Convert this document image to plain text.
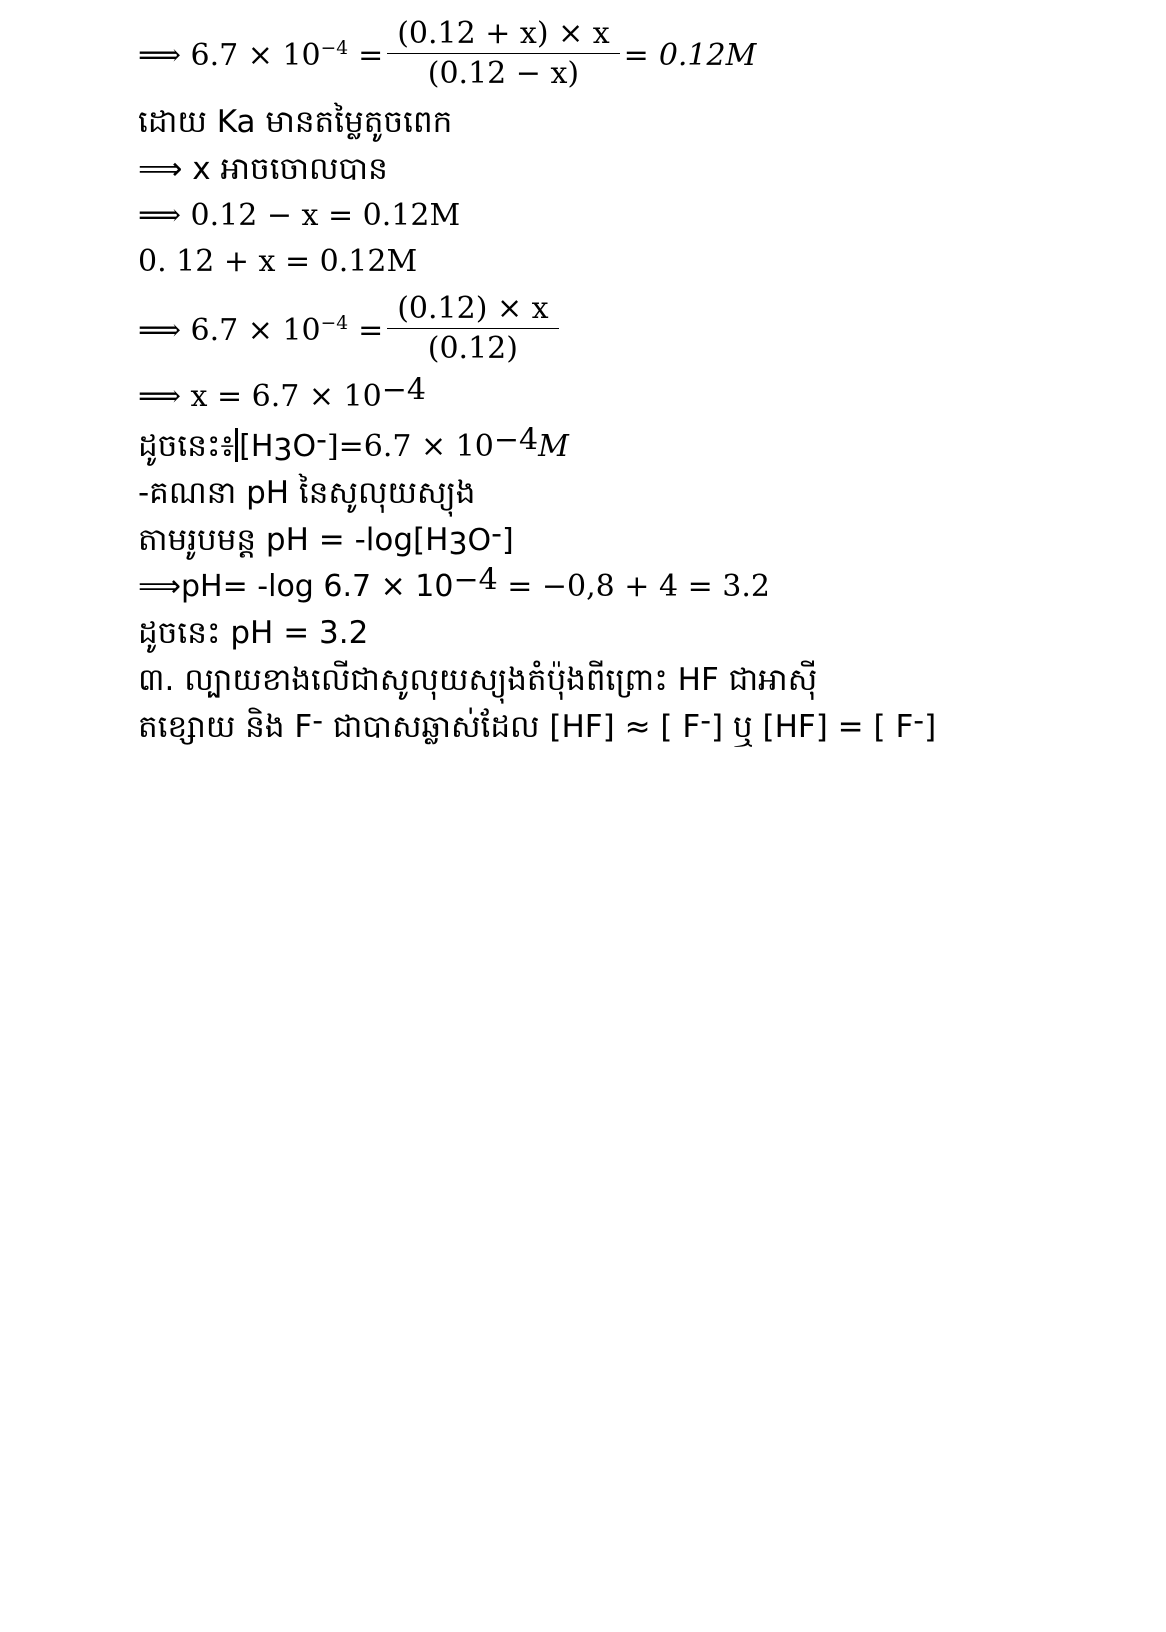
⟹ $6.7 \times 10^{-4} = \frac{(0.12 + x) \times x}{(0.12 - x)} = 0.12M$
ដោយ Ka មានតម្លៃតូចពេក
⟹ x អាចចោលបាន
⟹ 0.12 − x = 0.12M
0. 12 + x = 0.12M
⟹ $6.7 \times 10^{-4} = \frac{(0.12) \times x}{(0.12)}$
⟹ $x = 6.7 \times 10^{-4}$
ដូចនេះ៖ $[H_3O^-]=6.7 \times 10^{-4}M$
-គណនា pH នៃសូលុយស្យុង
តាមរូបមន្ត pH = $-\log[H_3O^-]$
⟹pH= -log $6.7 \times 10^{-4} = -0,8 + 4 = 3.2$
ដូចនេះ pH = 3.2
៣. ល្បាយខាងលើជាសូលុយស្យុងតំប៉ុងពីព្រោះ HF ជាអាស៊ី
តខ្សោយ និង F- ជាបាសឆ្លាស់ដែល [HF] ≈ [ F-] ឬ [HF] = [ F-]
